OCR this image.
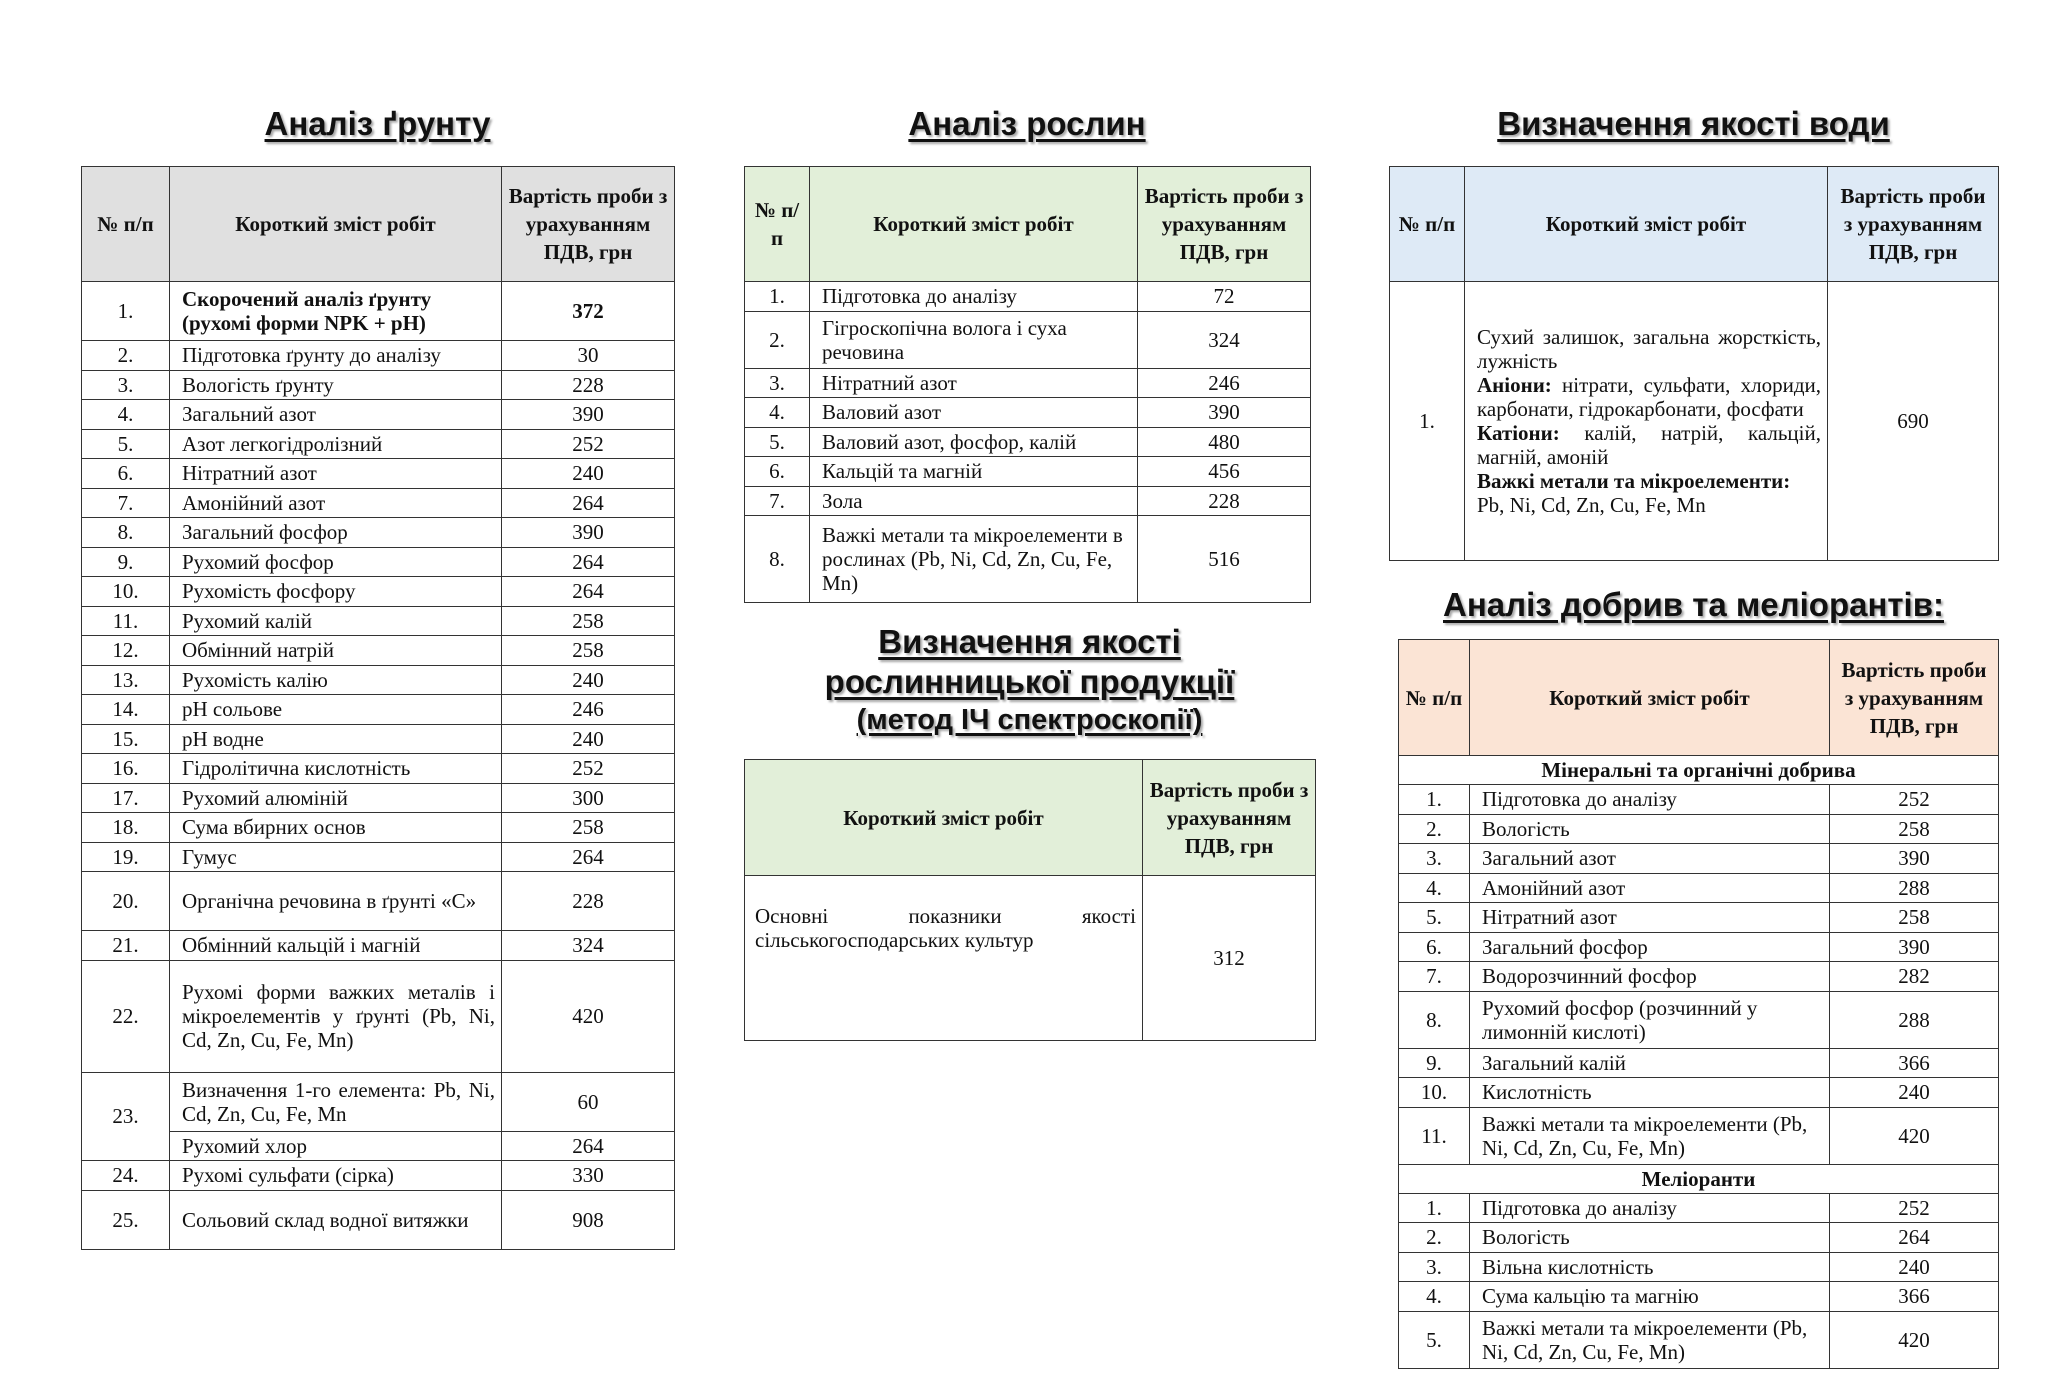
Аналіз ґрунту
№ п/п	Короткий зміст робіт	Вартість проби з урахуванням ПДВ, грн
1.	Скорочений аналіз ґрунту (рухомі форми NPK + pH)	372
2.	Підготовка ґрунту до аналізу	30
3.	Вологість ґрунту	228
4.	Загальний азот	390
5.	Азот легкогідролізний	252
6.	Нітратний азот	240
7.	Амонійний азот	264
8.	Загальний фосфор	390
9.	Рухомий фосфор	264
10.	Рухомість фосфору	264
11.	Рухомий калій	258
12.	Обмінний натрій	258
13.	Рухомість калію	240
14.	pH сольове	246
15.	pH водне	240
16.	Гідролітична кислотність	252
17.	Рухомий алюміній	300
18.	Сума вбирних основ	258
19.	Гумус	264
20.	Органічна речовина в ґрунті «С»	228
21.	Обмінний кальцій і магній	324
22.	Рухомі форми важких металів і мікроелементів у ґрунті (Pb, Ni, Cd, Zn, Cu, Fe, Mn)	420
23.	Визначення 1-го елемента: Pb, Ni, Cd, Zn, Cu, Fe, Mn	60
	Рухомий хлор	264
24.	Рухомі сульфати (сірка)	330
25.	Сольовий склад водної витяжки	908
Аналіз рослин
№ п/п	Короткий зміст робіт	Вартість проби з урахуванням ПДВ, грн
1.	Підготовка до аналізу	72
2.	Гігроскопічна волога і суха речовина	324
3.	Нітратний азот	246
4.	Валовий азот	390
5.	Валовий азот, фосфор, калій	480
6.	Кальцій та магній	456
7.	Зола	228
8.	Важкі метали та мікроелементи в рослинах (Pb, Ni, Cd, Zn, Cu, Fe, Mn)	516
Визначення якості
рослинницької продукції
(метод ІЧ спектроскопії)
Короткий зміст робіт	Вартість проби з урахуванням ПДВ, грн
Основні показники якості сільськогосподарських культур	312
Визначення якості води
№ п/п	Короткий зміст робіт	Вартість проби з урахуванням ПДВ, грн
1.	Сухий залишок, загальна жорсткість, лужність
Аніони: нітрати, сульфати, хлориди, карбонати, гідрокарбонати, фосфати
Катіони: калій, натрій, кальцій, магній, амоній
Важкі метали та мікроелементи: Pb, Ni, Cd, Zn, Cu, Fe, Mn	690
Аналіз добрив та меліорантів:
№ п/п	Короткий зміст робіт	Вартість проби з урахуванням ПДВ, грн
Мінеральні та органічні добрива		
1.	Підготовка до аналізу	252
2.	Вологість	258
3.	Загальний азот	390
4.	Амонійний азот	288
5.	Нітратний азот	258
6.	Загальний фосфор	390
7.	Водорозчинний фосфор	282
8.	Рухомий фосфор (розчинний у лимонній кислоті)	288
9.	Загальний калій	366
10.	Кислотність	240
11.	Важкі метали та мікроелементи (Pb, Ni, Cd, Zn, Cu, Fe, Mn)	420
Меліоранти		
1.	Підготовка до аналізу	252
2.	Вологість	264
3.	Вільна кислотність	240
4.	Сума кальцію та магнію	366
5.	Важкі метали та мікроелементи (Pb, Ni, Cd, Zn, Cu, Fe, Mn)	420
